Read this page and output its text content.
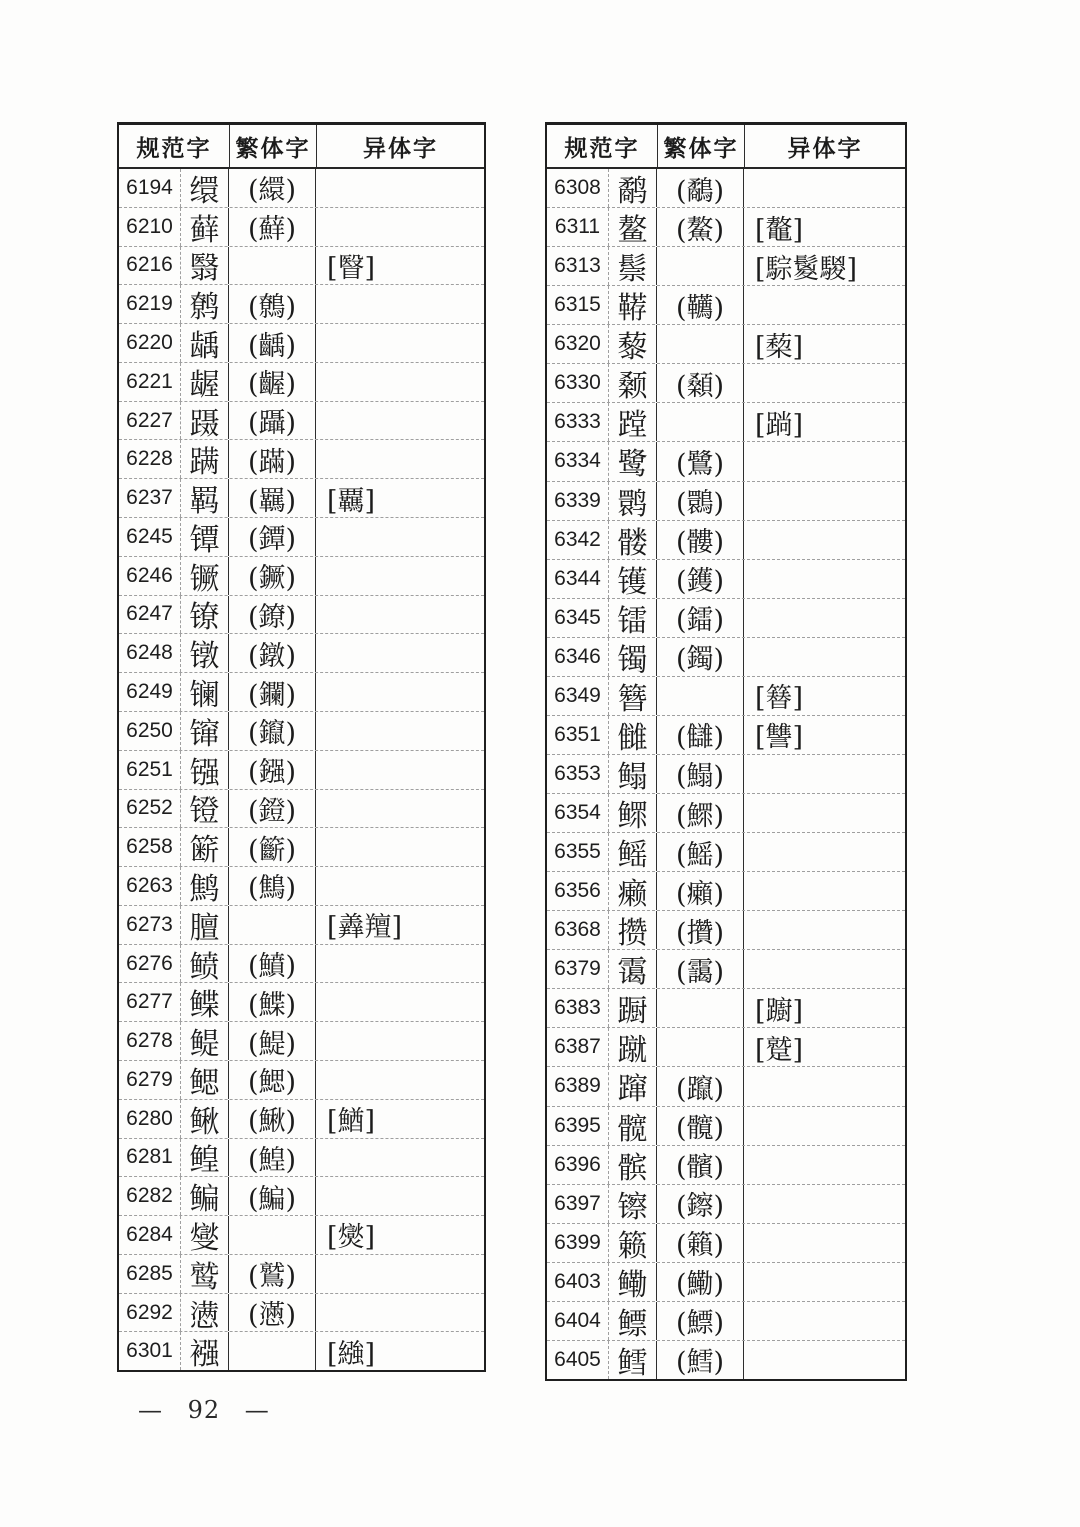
规范字	繁体字	异体字
6194 缳	(繯)
6210 藓	(蘚)
6216 翳	[瞖]
6219 鹩	(鷯)
6220 龋	(齲)
6221 龌	(齷)
6227 蹑	(躡)
6228 蹒	(蹣)
6237 羁	(羈)	[覊]
6245 镡	(鐔)
6246 镢	(鐝)
6247 镣	(鐐)
6248 镦	(鐓)
6249 镧	(鑭)
6250 镩	(鑹)
6251 镪	(鏹)
6252 镫	(鐙)
6258 簖	(籪)
6263 鹪	(鷦)
6273 膻	[羴羶]
6276 鲼	(鱝)
6277 鲽	(鰈)
6278 鳀	(鯷)
6279 鳃	(鰓)
6280 鳅	(鰍)	[鰌]
6281 鳇	(鰉)
6282 鳊	(鯿)
6284 燮	[爕]
6285 鹫	(鷲)
6292 懑	(懣)
6301 襁	[繈]
规范字	繁体字	异体字
6308 鹬	(鷸)
6311 鳌	(鰲)	[鼇]
6313 鬃	[騌鬉騣]
6315 鞯	(韉)
6320 藜	[蔾]
6330 颡	(顙)
6333 蹚	[䠀]
6334 鹭	(鷺)
6339 鹮	(䴉)
6342 髅	(髏)
6344 镬	(鑊)
6345 镭	(鐳)
6346 镯	(鐲)
6349 簪	[簮]
6351 雠	(讎)	[讐]
6353 鳎	(鰨)
6354 鳏	(鰥)
6355 鳐	(鰩)
6356 癞	(癩)
6368 攒	(攢)
6379 霭	(靄)
6383 蹰	[躕]
6387 蹴	[蹵]
6389 蹿	(躥)
6395 髋	(髖)
6396 髌	(髕)
6397 镲	(鑔)
6399 籁	(籟)
6403 鳓	(鰳)
6404 鳔	(鰾)
6405 鳕	(鱈)
— 92 —
